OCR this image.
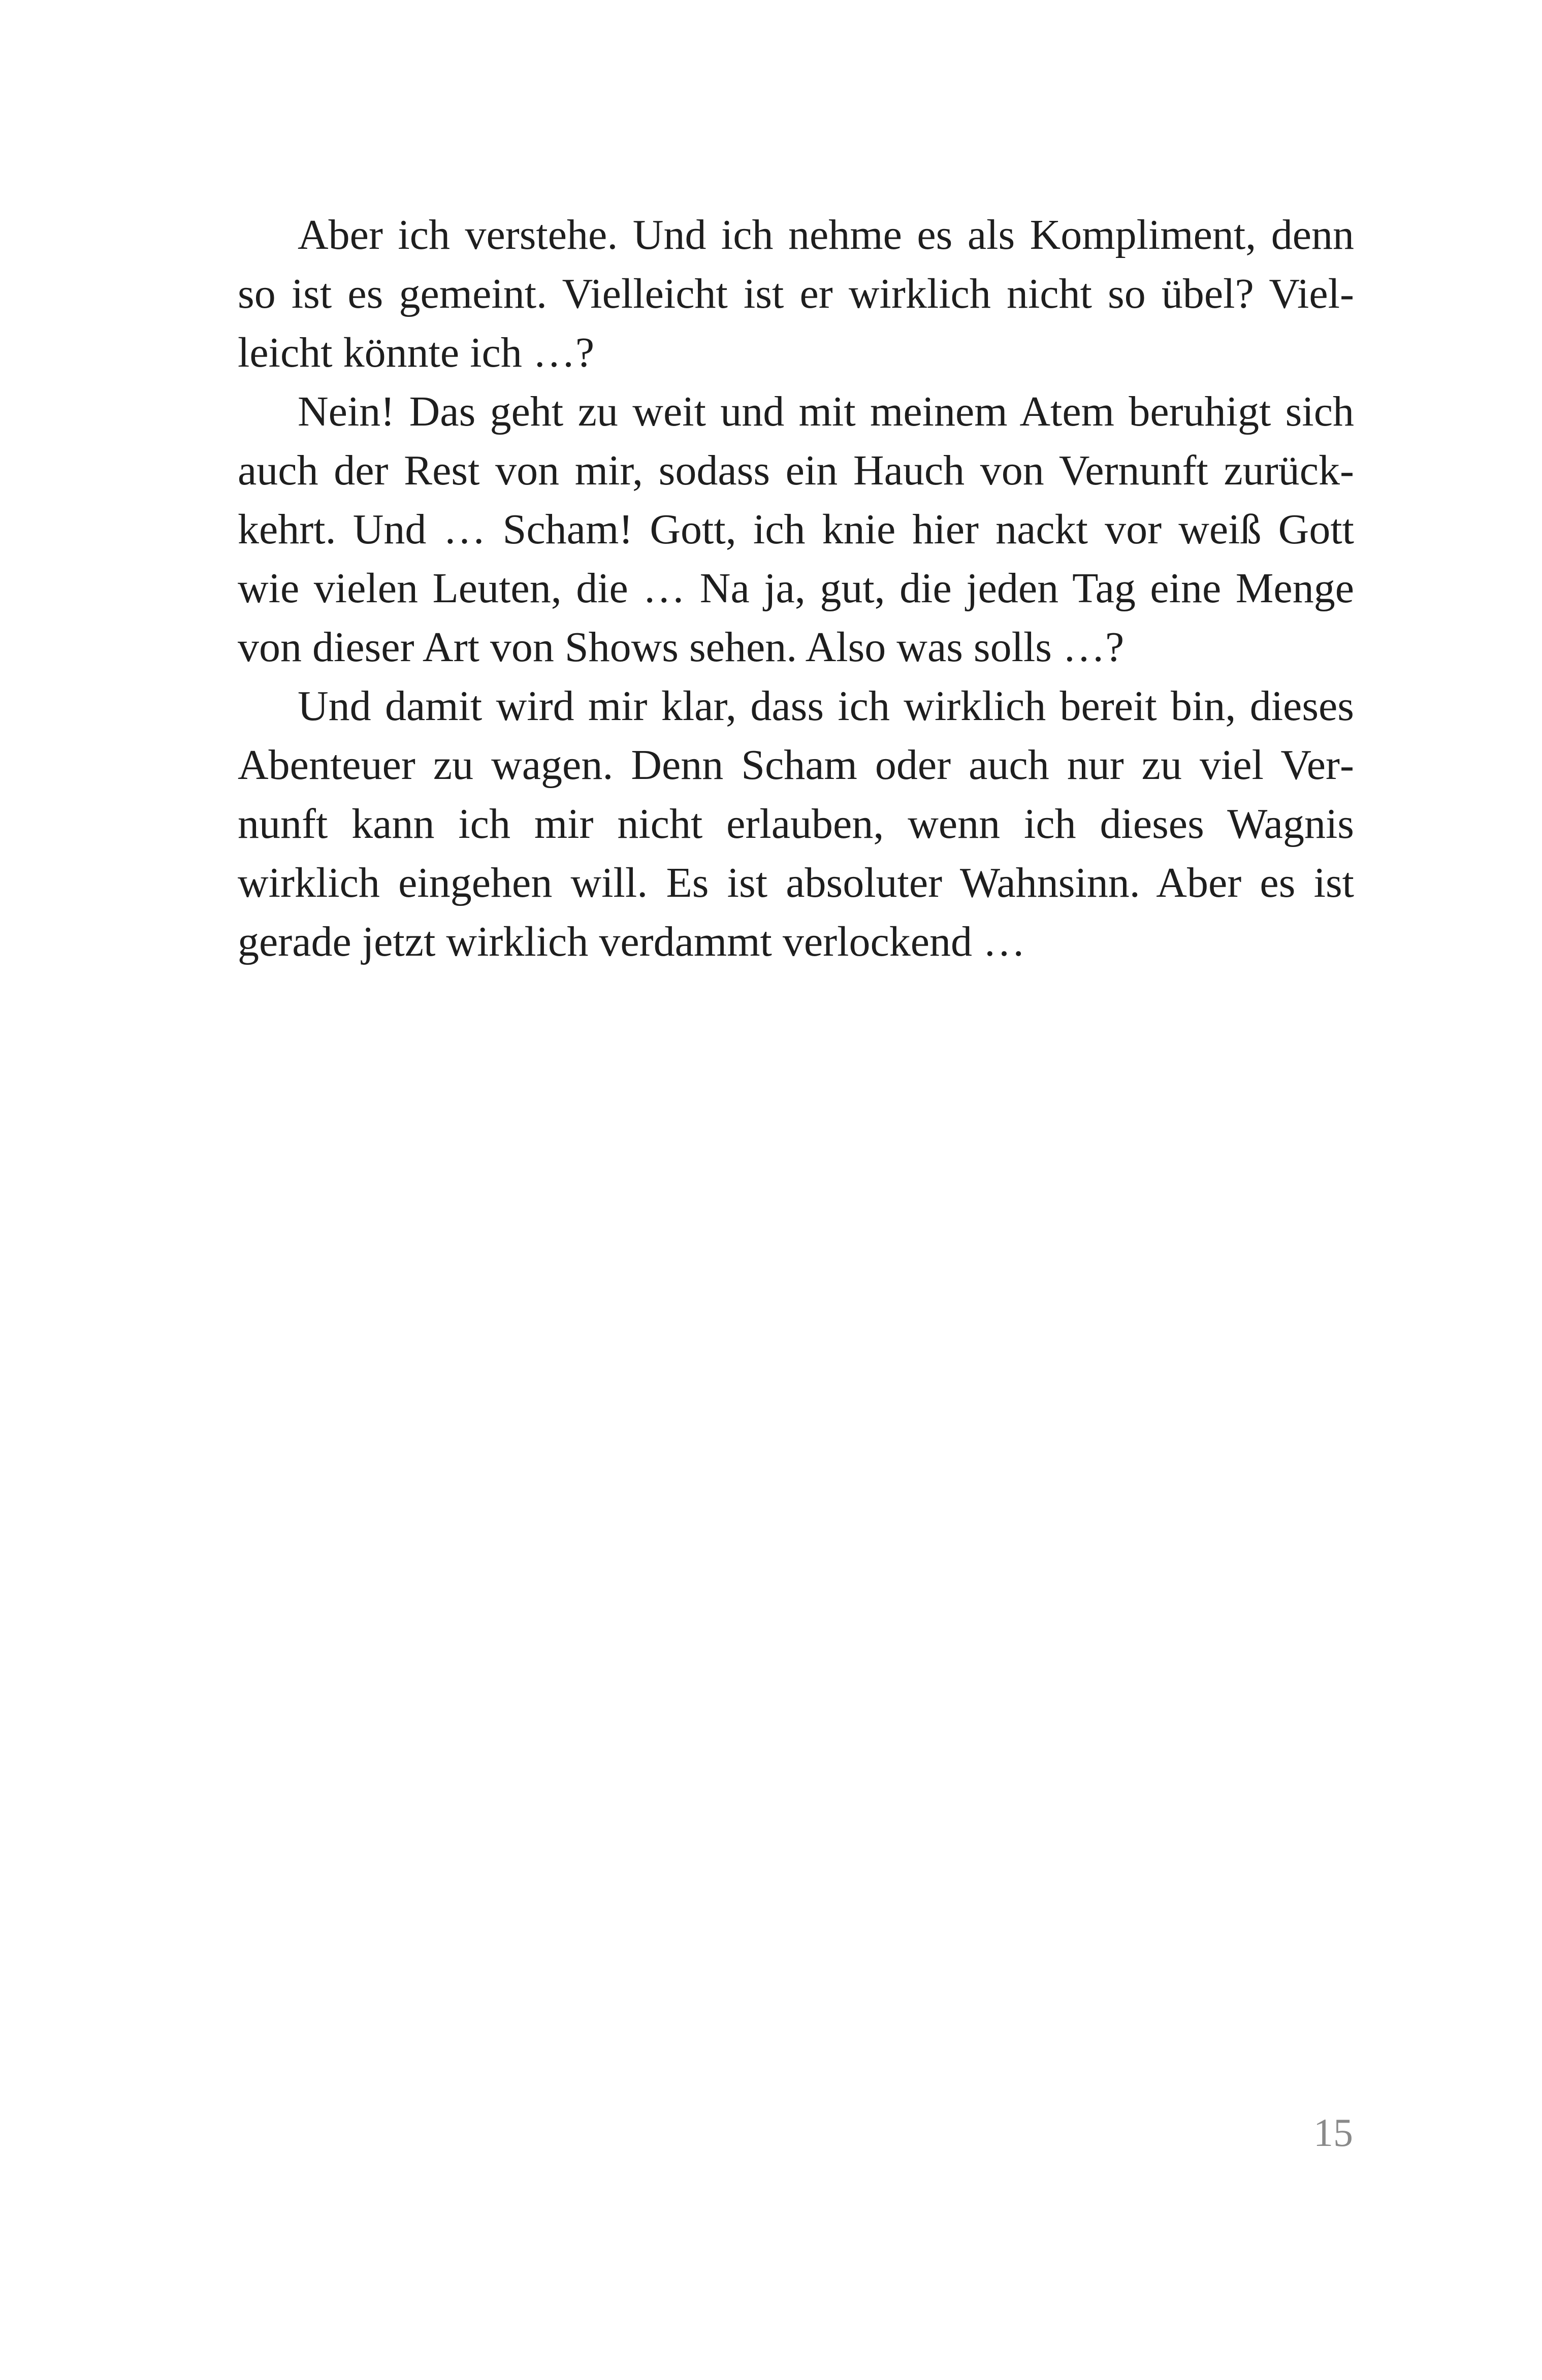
Aber ich verstehe. Und ich nehme es als Kompliment, denn so ist es gemeint. Vielleicht ist er wirklich nicht so übel? Vielleicht könnte ich …?

Nein! Das geht zu weit und mit meinem Atem beruhigt sich auch der Rest von mir, sodass ein Hauch von Vernunft zurückkehrt. Und … Scham! Gott, ich knie hier nackt vor weiß Gott wie vielen Leuten, die … Na ja, gut, die jeden Tag eine Menge von dieser Art von Shows sehen. Also was solls …?

Und damit wird mir klar, dass ich wirklich bereit bin, dieses Abenteuer zu wagen. Denn Scham oder auch nur zu viel Vernunft kann ich mir nicht erlauben, wenn ich dieses Wagnis wirklich eingehen will. Es ist absoluter Wahnsinn. Aber es ist gerade jetzt wirklich verdammt verlockend …

15
